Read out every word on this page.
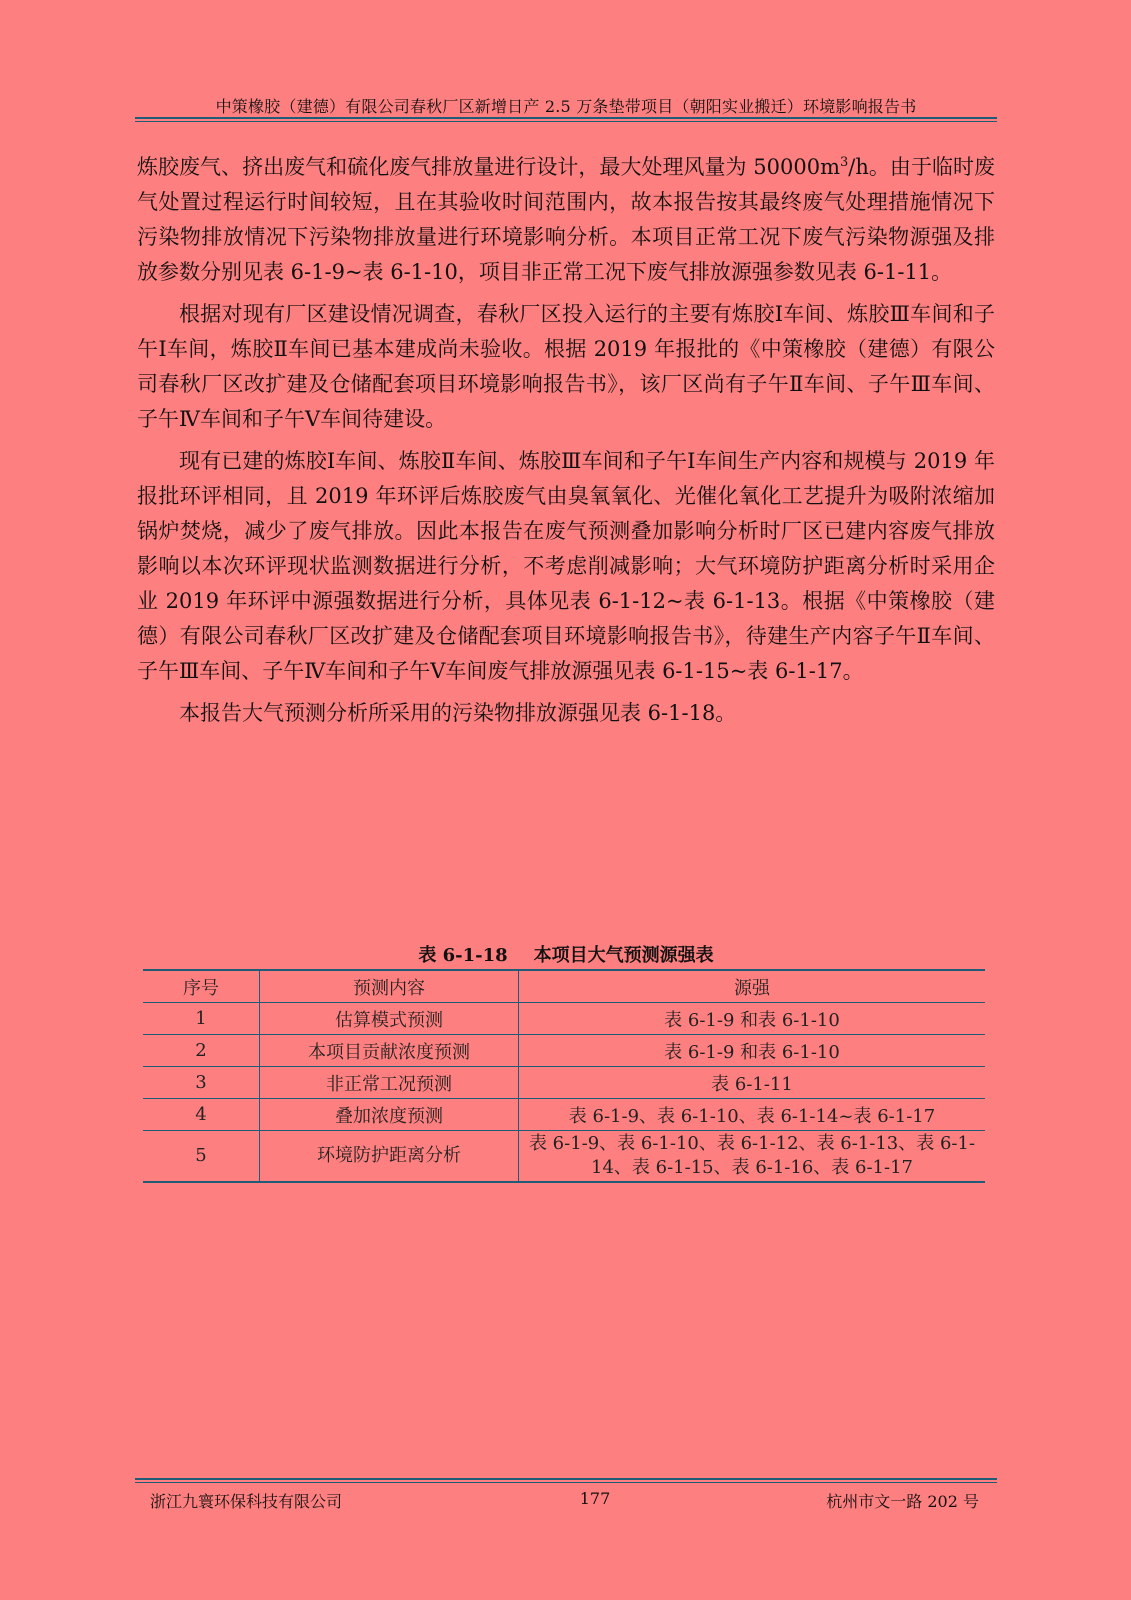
中策橡胶（建德）有限公司春秋厂区新增日产 2.5 万条垫带项目（朝阳实业搬迁）环境影响报告书

炼胶废气、挤出废气和硫化废气排放量进行设计，最大处理风量为 $50000m^3/h$。由于临时废气处置过程运行时间较短，且在其验收时间范围内，故本报告按其最终废气处理措施情况下污染物排放情况下污染物排放量进行环境影响分析。本项目正常工况下废气污染物源强及排放参数分别见表 6-1-9~表 6-1-10，项目非正常工况下废气排放源强参数见表 6-1-11。

根据对现有厂区建设情况调查，春秋厂区投入运行的主要有炼胶Ⅰ车间、炼胶Ⅲ车间和子午Ⅰ车间，炼胶Ⅱ车间已基本建成尚未验收。根据 2019 年报批的《中策橡胶（建德）有限公司春秋厂区改扩建及仓储配套项目环境影响报告书》，该厂区尚有子午Ⅱ车间、子午Ⅲ车间、子午Ⅳ车间和子午Ⅴ车间待建设。

现有已建的炼胶Ⅰ车间、炼胶Ⅱ车间、炼胶Ⅲ车间和子午Ⅰ车间生产内容和规模与 2019 年报批环评相同，且 2019 年环评后炼胶废气由臭氧氧化、光催化氧化工艺提升为吸附浓缩加锅炉焚烧，减少了废气排放。因此本报告在废气预测叠加影响分析时厂区已建内容废气排放影响以本次环评现状监测数据进行分析，不考虑削减影响；大气环境防护距离分析时采用企业 2019 年环评中源强数据进行分析，具体见表 6-1-12~表 6-1-13。根据《中策橡胶（建德）有限公司春秋厂区改扩建及仓储配套项目环境影响报告书》，待建生产内容子午Ⅱ车间、子午Ⅲ车间、子午Ⅳ车间和子午Ⅴ车间废气排放源强见表 6-1-15~表 6-1-17。

本报告大气预测分析所采用的污染物排放源强见表 6-1-18。

表 6-1-18 本项目大气预测源强表
序号	预测内容	源强
1	估算模式预测	表 6-1-9 和表 6-1-10
2	本项目贡献浓度预测	表 6-1-9 和表 6-1-10
3	非正常工况预测	表 6-1-11
4	叠加浓度预测	表 6-1-9、表 6-1-10、表 6-1-14~表 6-1-17
5	环境防护距离分析	表 6-1-9、表 6-1-10、表 6-1-12、表 6-1-13、表 6-1-14、表 6-1-15、表 6-1-16、表 6-1-17
浙江九寰环保科技有限公司	177	杭州市文一路 202 号
